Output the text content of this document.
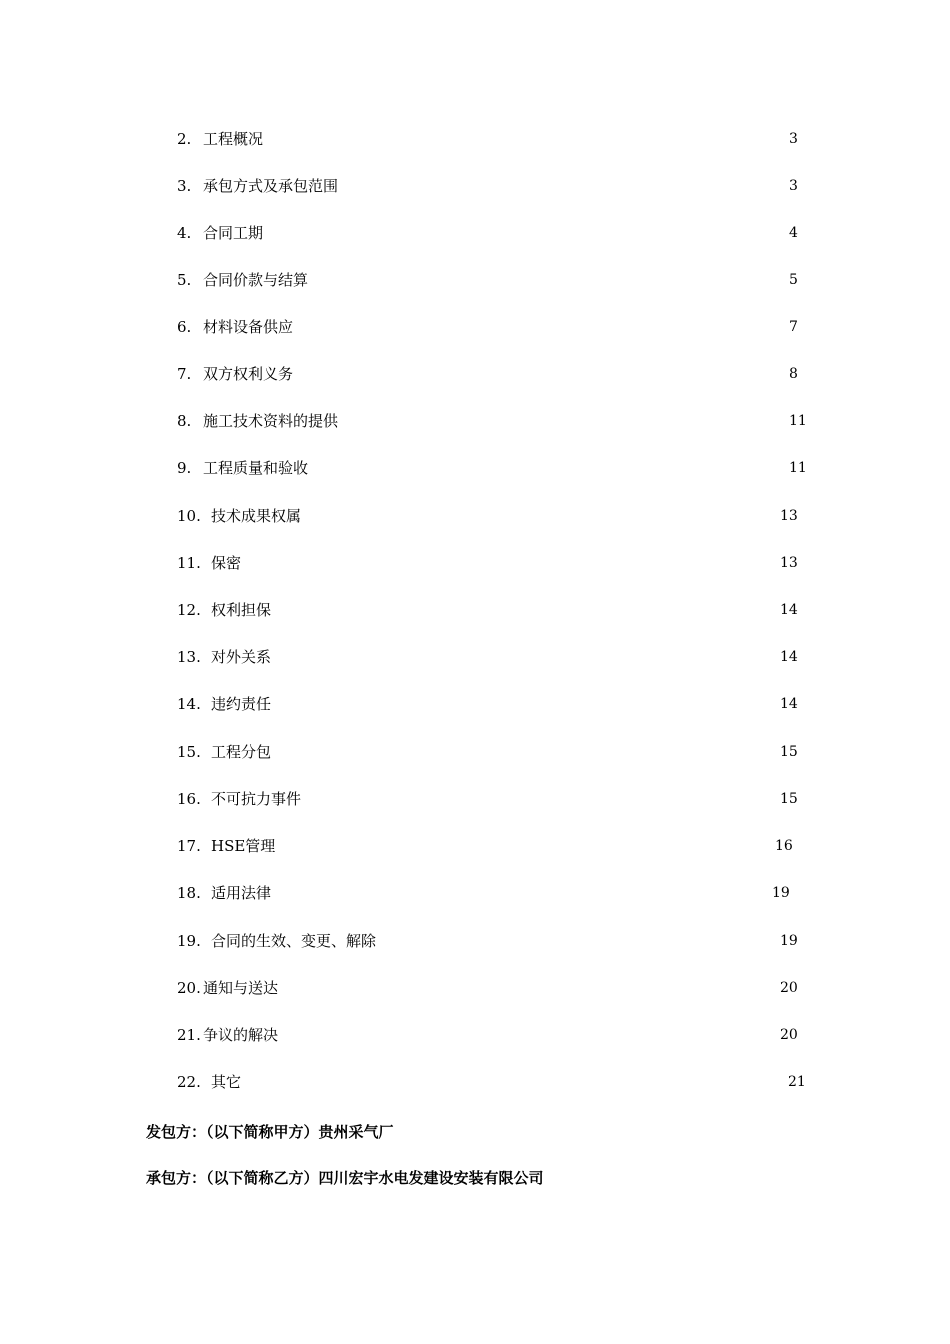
2. 工程概况	3
3. 承包方式及承包范围	3
4. 合同工期	4
5. 合同价款与结算	5
6. 材料设备供应	7
7. 双方权利义务	8
8. 施工技术资料的提供	11
9. 工程质量和验收	11
10. 技术成果权属	13
11. 保密	13
12. 权利担保	14
13. 对外关系	14
14. 违约责任	14
15. 工程分包	15
16. 不可抗力事件	15
17. HSE管理	16
18. 适用法律	19
19. 合同的生效、变更、解除	19
20. 通知与送达	20
21. 争议的解决	20
22. 其它	21
发包方：（以下简称甲方）贵州采气厂
承包方：（以下简称乙方）四川宏宇水电发建设安装有限公司
